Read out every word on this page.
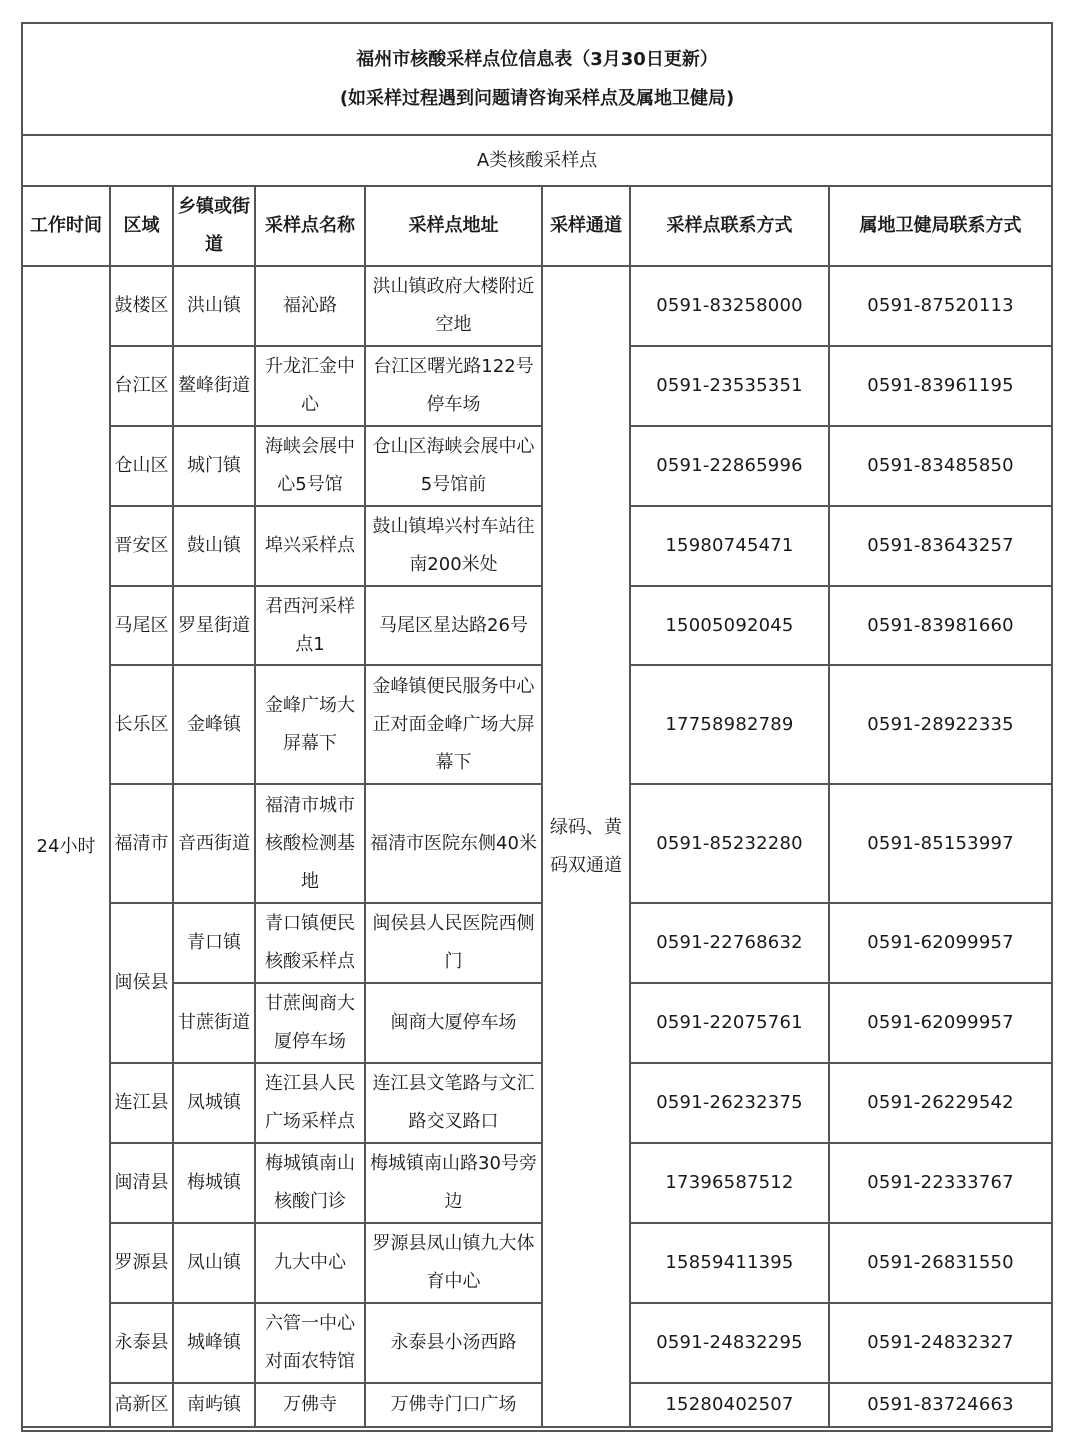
福州市核酸采样点位信息表（3月30日更新）
(如采样过程遇到问题请咨询采样点及属地卫健局)							

A类核酸采样点							
工作时间	区域	乡镇或街道	采样点名称	采样点地址	采样通道	采样点联系方式	属地卫健局联系方式
24小时	鼓楼区	洪山镇	福沁路	洪山镇政府大楼附近空地	绿码、黄码双通道	0591-83258000	0591-87520113
	台江区	鳌峰街道	升龙汇金中心	台江区曙光路122号停车场		0591-23535351	0591-83961195
	仓山区	城门镇	海峡会展中心5号馆	仓山区海峡会展中心5号馆前		0591-22865996	0591-83485850
	晋安区	鼓山镇	埠兴采样点	鼓山镇埠兴村车站往南200米处		15980745471	0591-83643257
	马尾区	罗星街道	君西河采样点1	马尾区星达路26号		15005092045	0591-83981660
	长乐区	金峰镇	金峰广场大屏幕下	金峰镇便民服务中心正对面金峰广场大屏幕下		17758982789	0591-28922335
	福清市	音西街道	福清市城市核酸检测基地	福清市医院东侧40米		0591-85232280	0591-85153997
	闽侯县	青口镇	青口镇便民核酸采样点	闽侯县人民医院西侧门		0591-22768632	0591-62099957
		甘蔗街道	甘蔗闽商大厦停车场	闽商大厦停车场		0591-22075761	0591-62099957
	连江县	凤城镇	连江县人民广场采样点	连江县文笔路与文汇路交叉路口		0591-26232375	0591-26229542
	闽清县	梅城镇	梅城镇南山核酸门诊	梅城镇南山路30号旁边		17396587512	0591-22333767
	罗源县	凤山镇	九大中心	罗源县凤山镇九大体育中心		15859411395	0591-26831550
	永泰县	城峰镇	六管一中心对面农特馆	永泰县小汤西路		0591-24832295	0591-24832327
	高新区	南屿镇	万佛寺	万佛寺门口广场		15280402507	0591-83724663
